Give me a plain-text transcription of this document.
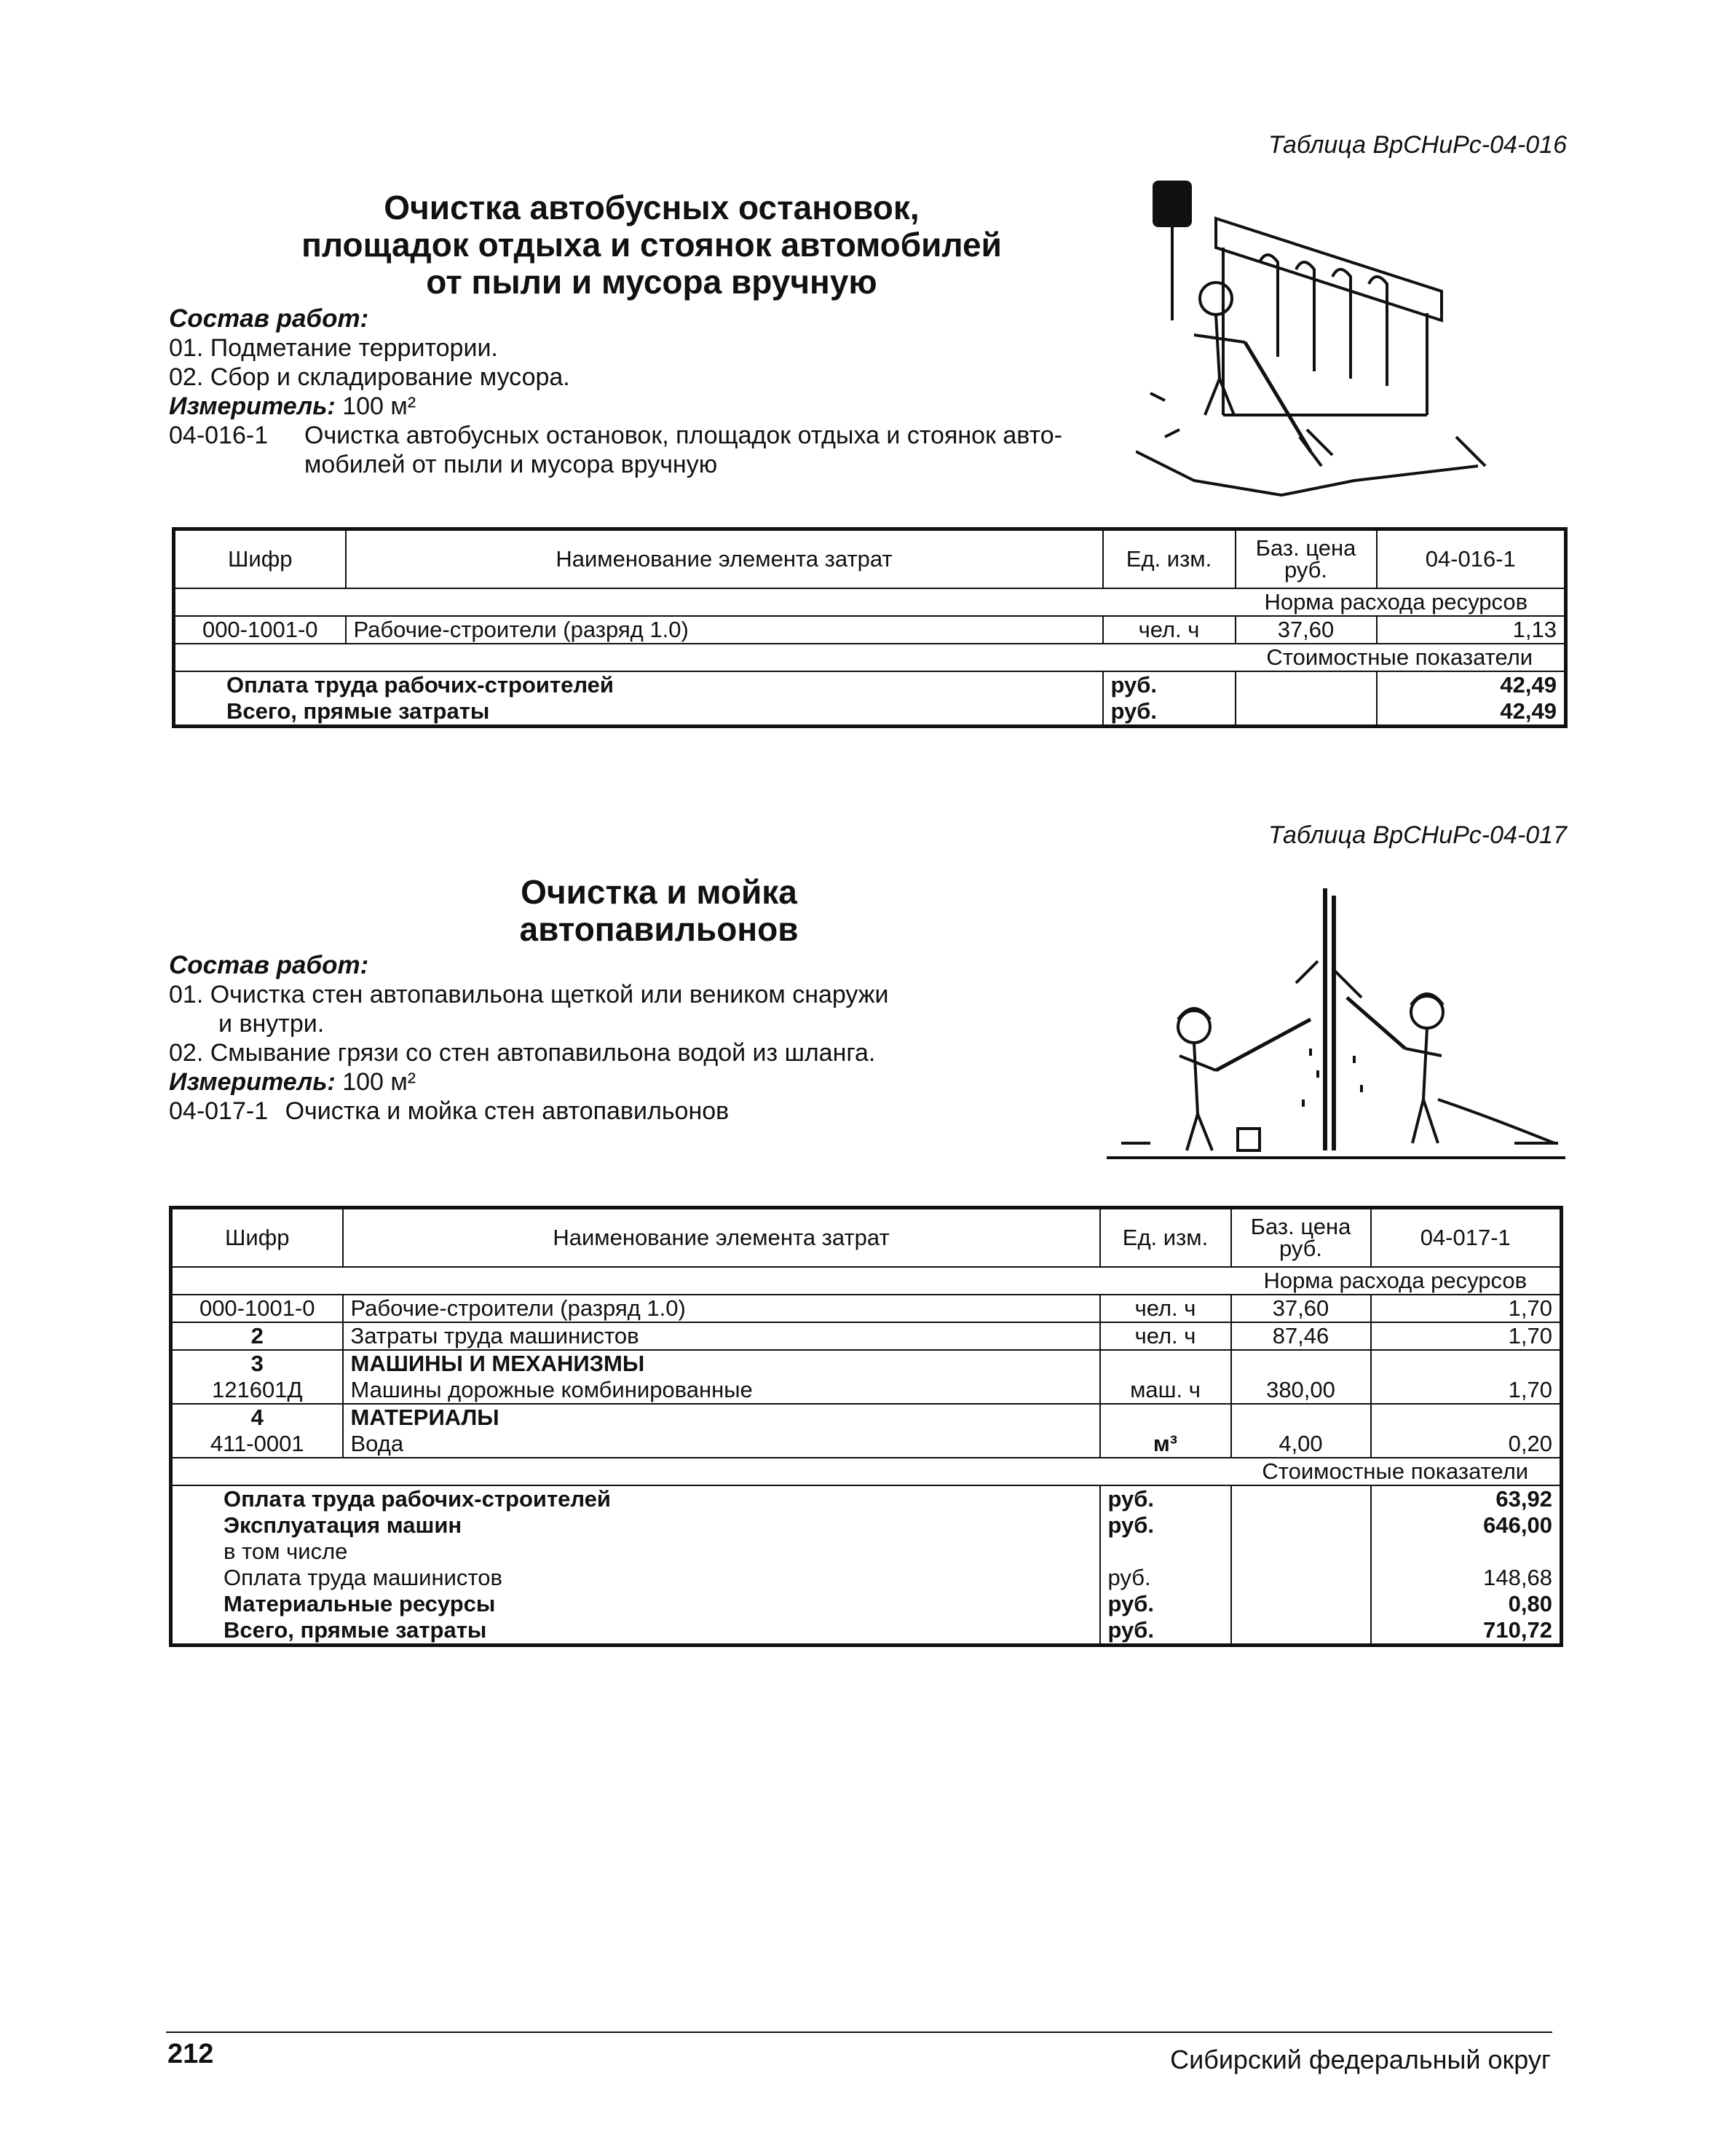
Таблица ВрСНиРс-04-016
Очистка автобусных остановок,
площадок отдыха и стоянок автомобилей
от пыли и мусора вручную
Состав работ:
01. Подметание территории.
02. Сбор и складирование мусора.
Измеритель: 100 м²
04-016-1 Очистка автобусных остановок, площадок отдыха и стоянок авто-
мобилей от пыли и мусора вручную
Шифр	Наименование элемента затрат	Ед. изм.	Баз. цена руб.	04-016-1
			Норма расхода ресурсов	
000-1001-0	Рабочие-строители (разряд 1.0)	чел. ч	37,60	1,13
			Стоимостные показатели	
Оплата труда рабочих-строителей		руб.		42,49
Всего, прямые затраты		руб.		42,49
Таблица ВрСНиРс-04-017
Очистка и мойка
автопавильонов
Состав работ:
01. Очистка стен автопавильона щеткой или веником снаружи
и внутри.
02. Смывание грязи со стен автопавильона водой из шланга.
Измеритель: 100 м²
04-017-1 Очистка и мойка стен автопавильонов
Шифр	Наименование элемента затрат	Ед. изм.	Баз. цена руб.	04-017-1
			Норма расхода ресурсов	
000-1001-0	Рабочие-строители (разряд 1.0)	чел. ч	37,60	1,70
2	Затраты труда машинистов	чел. ч	87,46	1,70
3	МАШИНЫ И МЕХАНИЗМЫ			
121601Д	Машины дорожные комбинированные	маш. ч	380,00	1,70
4	МАТЕРИАЛЫ			
411-0001	Вода	м³	4,00	0,20
			Стоимостные показатели	
Оплата труда рабочих-строителей		руб.		63,92
Эксплуатация машин		руб.		646,00
в том числе				
Оплата труда машинистов		руб.		148,68
Материальные ресурсы		руб.		0,80
Всего, прямые затраты		руб.		710,72
212	Сибирский федеральный округ
